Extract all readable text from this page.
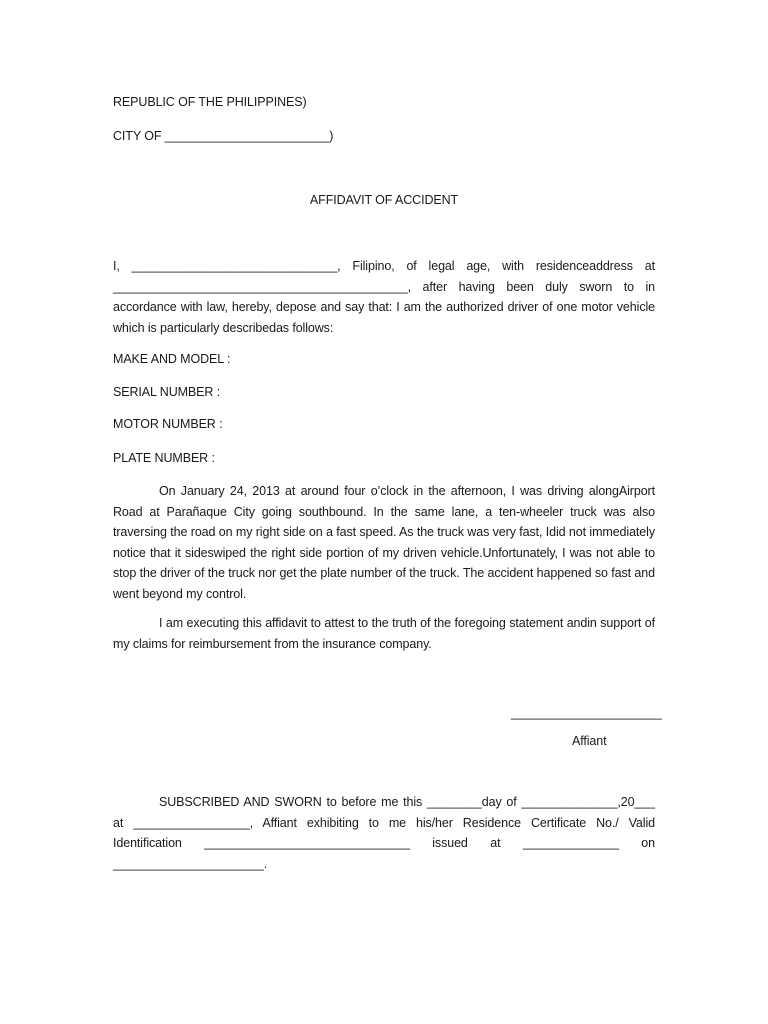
REPUBLIC OF THE PHILIPPINES)
CITY OF ________________________)
AFFIDAVIT OF ACCIDENT
I, ______________________________, Filipino, of legal age, with residenceaddress at ___________________________________________, after having been duly sworn to in accordance with law, hereby, depose and say that: I am the authorized driver of one motor vehicle which is particularly describedas follows:
MAKE AND MODEL :
SERIAL NUMBER :
MOTOR NUMBER :
PLATE NUMBER :
On January 24, 2013 at around four o’clock in the afternoon, I was driving alongAirport Road at Parañaque City going southbound. In the same lane, a ten-wheeler truck was also traversing the road on my right side on a fast speed. As the truck was very fast, Idid not immediately notice that it sideswiped the right side portion of my driven vehicle.Unfortunately, I was not able to stop the driver of the truck nor get the plate number of the truck. The accident happened so fast and went beyond my control.
I am executing this affidavit to attest to the truth of the foregoing statement andin support of my claims for reimbursement from the insurance company.
______________________
Affiant
SUBSCRIBED AND SWORN to before me this ________day of ______________,20___ at _________________, Affiant exhibiting to me his/her Residence Certificate No./ Valid Identification ______________________________ issued at ______________ on ______________________.
